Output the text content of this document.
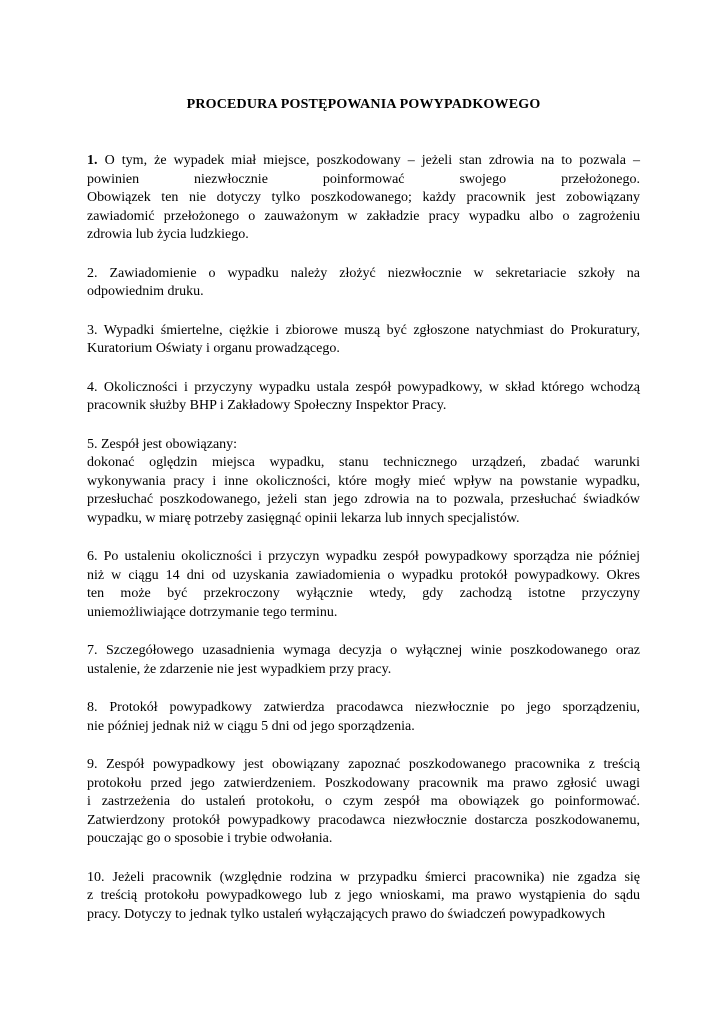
PROCEDURA POSTĘPOWANIA POWYPADKOWEGO
1. O tym, że wypadek miał miejsce, poszkodowany – jeżeli stan zdrowia na to pozwala –
powinien niezwłocznie poinformować swojego przełożonego.
Obowiązek ten nie dotyczy tylko poszkodowanego; każdy pracownik jest zobowiązany
zawiadomić przełożonego o zauważonym w zakładzie pracy wypadku albo o zagrożeniu
zdrowia lub życia ludzkiego.
2. Zawiadomienie o wypadku należy złożyć niezwłocznie w sekretariacie szkoły na
odpowiednim druku.
3. Wypadki śmiertelne, ciężkie i zbiorowe muszą być zgłoszone natychmiast do Prokuratury,
Kuratorium Oświaty i organu prowadzącego.
4. Okoliczności i przyczyny wypadku ustala zespół powypadkowy, w skład którego wchodzą
pracownik służby BHP i Zakładowy Społeczny Inspektor Pracy.
5. Zespół jest obowiązany:
dokonać oględzin miejsca wypadku, stanu technicznego urządzeń, zbadać warunki
wykonywania pracy i inne okoliczności, które mogły mieć wpływ na powstanie wypadku,
przesłuchać poszkodowanego, jeżeli stan jego zdrowia na to pozwala, przesłuchać świadków
wypadku, w miarę potrzeby zasięgnąć opinii lekarza lub innych specjalistów.
6. Po ustaleniu okoliczności i przyczyn wypadku zespół powypadkowy sporządza nie później
niż w ciągu 14 dni od uzyskania zawiadomienia o wypadku protokół powypadkowy. Okres
ten może być przekroczony wyłącznie wtedy, gdy zachodzą istotne przyczyny
uniemożliwiające dotrzymanie tego terminu.
7. Szczegółowego uzasadnienia wymaga decyzja o wyłącznej winie poszkodowanego oraz
ustalenie, że zdarzenie nie jest wypadkiem przy pracy.
8. Protokół powypadkowy zatwierdza pracodawca niezwłocznie po jego sporządzeniu,
nie później jednak niż w ciągu 5 dni od jego sporządzenia.
9. Zespół powypadkowy jest obowiązany zapoznać poszkodowanego pracownika z treścią
protokołu przed jego zatwierdzeniem. Poszkodowany pracownik ma prawo zgłosić uwagi
i zastrzeżenia do ustaleń protokołu, o czym zespół ma obowiązek go poinformować.
Zatwierdzony protokół powypadkowy pracodawca niezwłocznie dostarcza poszkodowanemu,
pouczając go o sposobie i trybie odwołania.
10. Jeżeli pracownik (względnie rodzina w przypadku śmierci pracownika) nie zgadza się
z treścią protokołu powypadkowego lub z jego wnioskami, ma prawo wystąpienia do sądu
pracy. Dotyczy to jednak tylko ustaleń wyłączających prawo do świadczeń powypadkowych
